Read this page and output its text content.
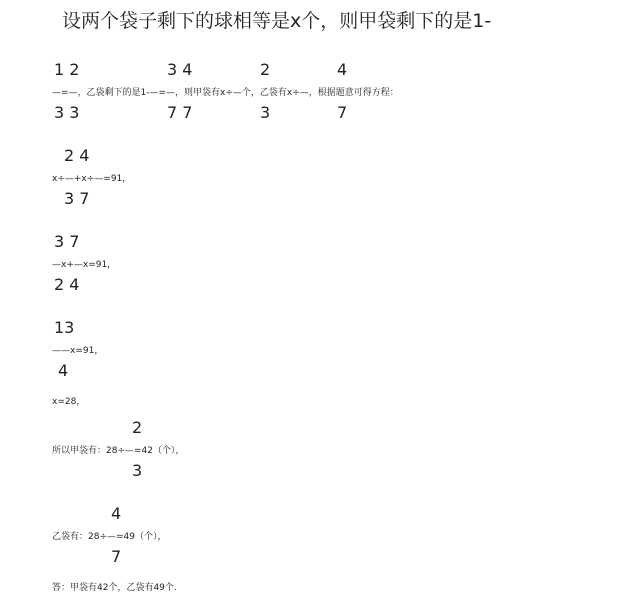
设两个袋子剩下的球相等是x个，则甲袋剩下的是1-
1 2	3 4	2	4
—=—，乙袋剩下的是1-—=—，则甲袋有x÷—个，乙袋有x÷—，根据题意可得方程：
3 3	7 7	3	7
2 4
x÷—+x÷—=91，
3 7
3 7
—x+—x=91，
2 4
13
——x=91，
4
x=28，
2
所以甲袋有：28÷—=42（个），
3
4
乙袋有：28÷—=49（个），
7
答：甲袋有42个，乙袋有49个.
